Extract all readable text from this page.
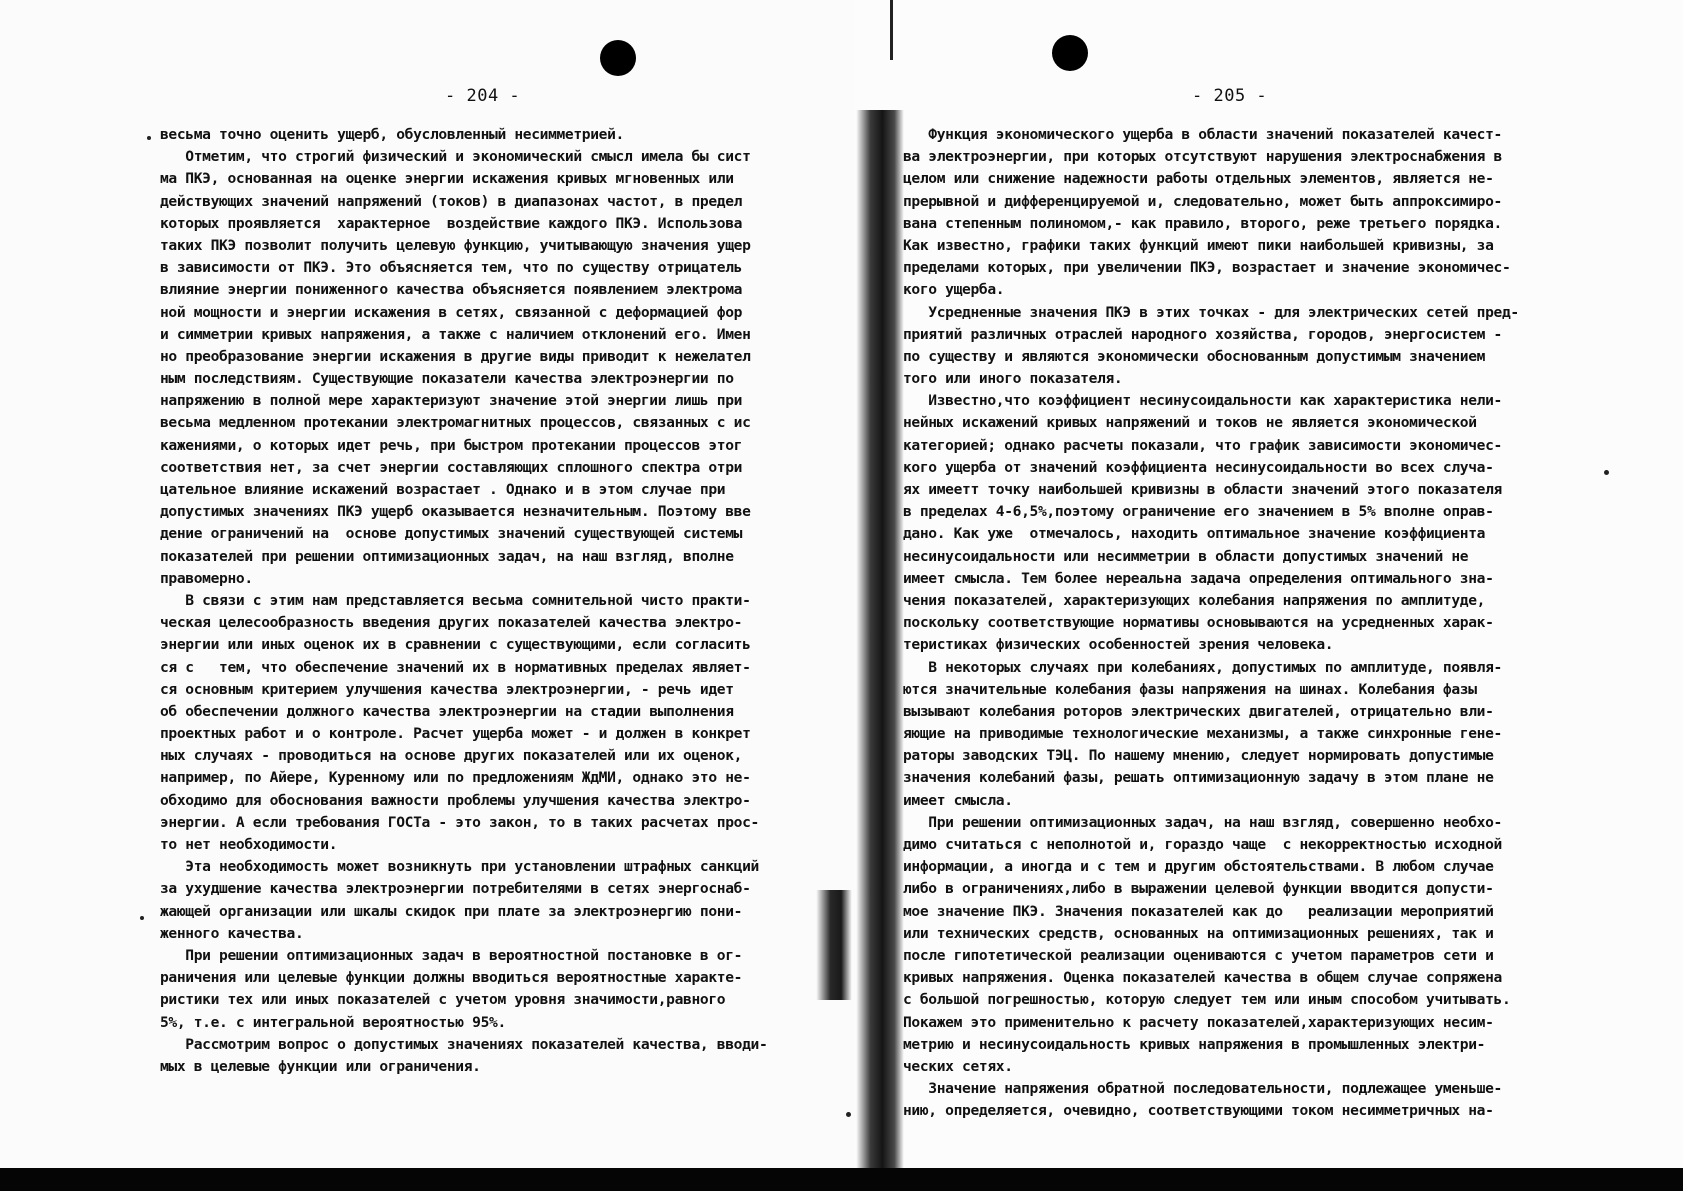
- 204 -	- 205 -
весьма точно оценить ущерб, обусловленный несимметрией.
Отметим, что строгий физический и экономический смысл имела бы сист
ма ПКЭ, основанная на оценке энергии искажения кривых мгновенных или
действующих значений напряжений (токов) в диапазонах частот, в предел
которых проявляется  характерное  воздействие каждого ПКЭ. Использова
таких ПКЭ позволит получить целевую функцию, учитывающую значения ущер
в зависимости от ПКЭ. Это объясняется тем, что по существу отрицатель
влияние энергии пониженного качества объясняется появлением электрома
ной мощности и энергии искажения в сетях, связанной с деформацией фор
и симметрии кривых напряжения, а также с наличием отклонений его. Имен
но преобразование энергии искажения в другие виды приводит к нежелател
ным последствиям. Существующие показатели качества электроэнергии по
напряжению в полной мере характеризуют значение этой энергии лишь при
весьма медленном протекании электромагнитных процессов, связанных с ис
кажениями, о которых идет речь, при быстром протекании процессов этог
соответствия нет, за счет энергии составляющих сплошного спектра отри
цательное влияние искажений возрастает . Однако и в этом случае при
допустимых значениях ПКЭ ущерб оказывается незначительным. Поэтому вве
дение ограничений на  основе допустимых значений существующей системы
показателей при решении оптимизационных задач, на наш взгляд, вполне
правомерно.
В связи с этим нам представляется весьма сомнительной чисто практи-
ческая целесообразность введения других показателей качества электро-
энергии или иных оценок их в сравнении с существующими, если согласить
ся с   тем, что обеспечение значений их в нормативных пределах являет-
ся основным критерием улучшения качества электроэнергии, - речь идет
об обеспечении должного качества электроэнергии на стадии выполнения
проектных работ и о контроле. Расчет ущерба может - и должен в конкрет
ных случаях - проводиться на основе других показателей или их оценок,
например, по Айере, Куренному или по предложениям ЖдМИ, однако это не-
обходимо для обоснования важности проблемы улучшения качества электро-
энергии. А если требования ГОСТа - это закон, то в таких расчетах прос-
то нет необходимости.
Эта необходимость может возникнуть при установлении штрафных санкций
за ухудшение качества электроэнергии потребителями в сетях энергоснаб-
жающей организации или шкалы скидок при плате за электроэнергию пони-
женного качества.
При решении оптимизационных задач в вероятностной постановке в ог-
раничения или целевые функции должны вводиться вероятностные характе-
ристики тех или иных показателей с учетом уровня значимости,равного
5%, т.е. с интегральной вероятностью 95%.
Рассмотрим вопрос о допустимых значениях показателей качества, вводи-
мых в целевые функции или ограничения.
Функция экономического ущерба в области значений показателей качест-
ва электроэнергии, при которых отсутствуют нарушения электроснабжения в
целом или снижение надежности работы отдельных элементов, является не-
прерывной и дифференцируемой и, следовательно, может быть аппроксимиро-
вана степенным полиномом,- как правило, второго, реже третьего порядка.
Как известно, графики таких функций имеют пики наибольшей кривизны, за
пределами которых, при увеличении ПКЭ, возрастает и значение экономичес-
кого ущерба.
Усредненные значения ПКЭ в этих точках - для электрических сетей пред-
приятий различных отраслей народного хозяйства, городов, энергосистем -
по существу и являются экономически обоснованным допустимым значением
того или иного показателя.
Известно,что коэффициент несинусоидальности как характеристика нели-
нейных искажений кривых напряжений и токов не является экономической
категорией; однако расчеты показали, что график зависимости экономичес-
кого ущерба от значений коэффициента несинусоидальности во всех случа-
ях имеетт точку наибольшей кривизны в области значений этого показателя
в пределах 4-6,5%,поэтому ограничение его значением в 5% вполне оправ-
дано. Как уже  отмечалось, находить оптимальное значение коэффициента
несинусоидальности или несимметрии в области допустимых значений не
имеет смысла. Тем более нереальна задача определения оптимального зна-
чения показателей, характеризующих колебания напряжения по амплитуде,
поскольку соответствующие нормативы основываются на усредненных харак-
теристиках физических особенностей зрения человека.
В некоторых случаях при колебаниях, допустимых по амплитуде, появля-
ются значительные колебания фазы напряжения на шинах. Колебания фазы
вызывают колебания роторов электрических двигателей, отрицательно вли-
яющие на приводимые технологические механизмы, а также синхронные гене-
раторы заводских ТЭЦ. По нашему мнению, следует нормировать допустимые
значения колебаний фазы, решать оптимизационную задачу в этом плане не
имеет смысла.
При решении оптимизационных задач, на наш взгляд, совершенно необхо-
димо считаться с неполнотой и, гораздо чаще  с некорректностью исходной
информации, а иногда и с тем и другим обстоятельствами. В любом случае
либо в ограничениях,либо в выражении целевой функции вводится допусти-
мое значение ПКЭ. Значения показателей как до   реализации мероприятий
или технических средств, основанных на оптимизационных решениях, так и
после гипотетической реализации оцениваются с учетом параметров сети и
кривых напряжения. Оценка показателей качества в общем случае сопряжена
с большой погрешностью, которую следует тем или иным способом учитывать.
Покажем это применительно к расчету показателей,характеризующих несим-
метрию и несинусоидальность кривых напряжения в промышленных электри-
ческих сетях.
Значение напряжения обратной последовательности, подлежащее уменьше-
нию, определяется, очевидно, соответствующими током несимметричных на-
